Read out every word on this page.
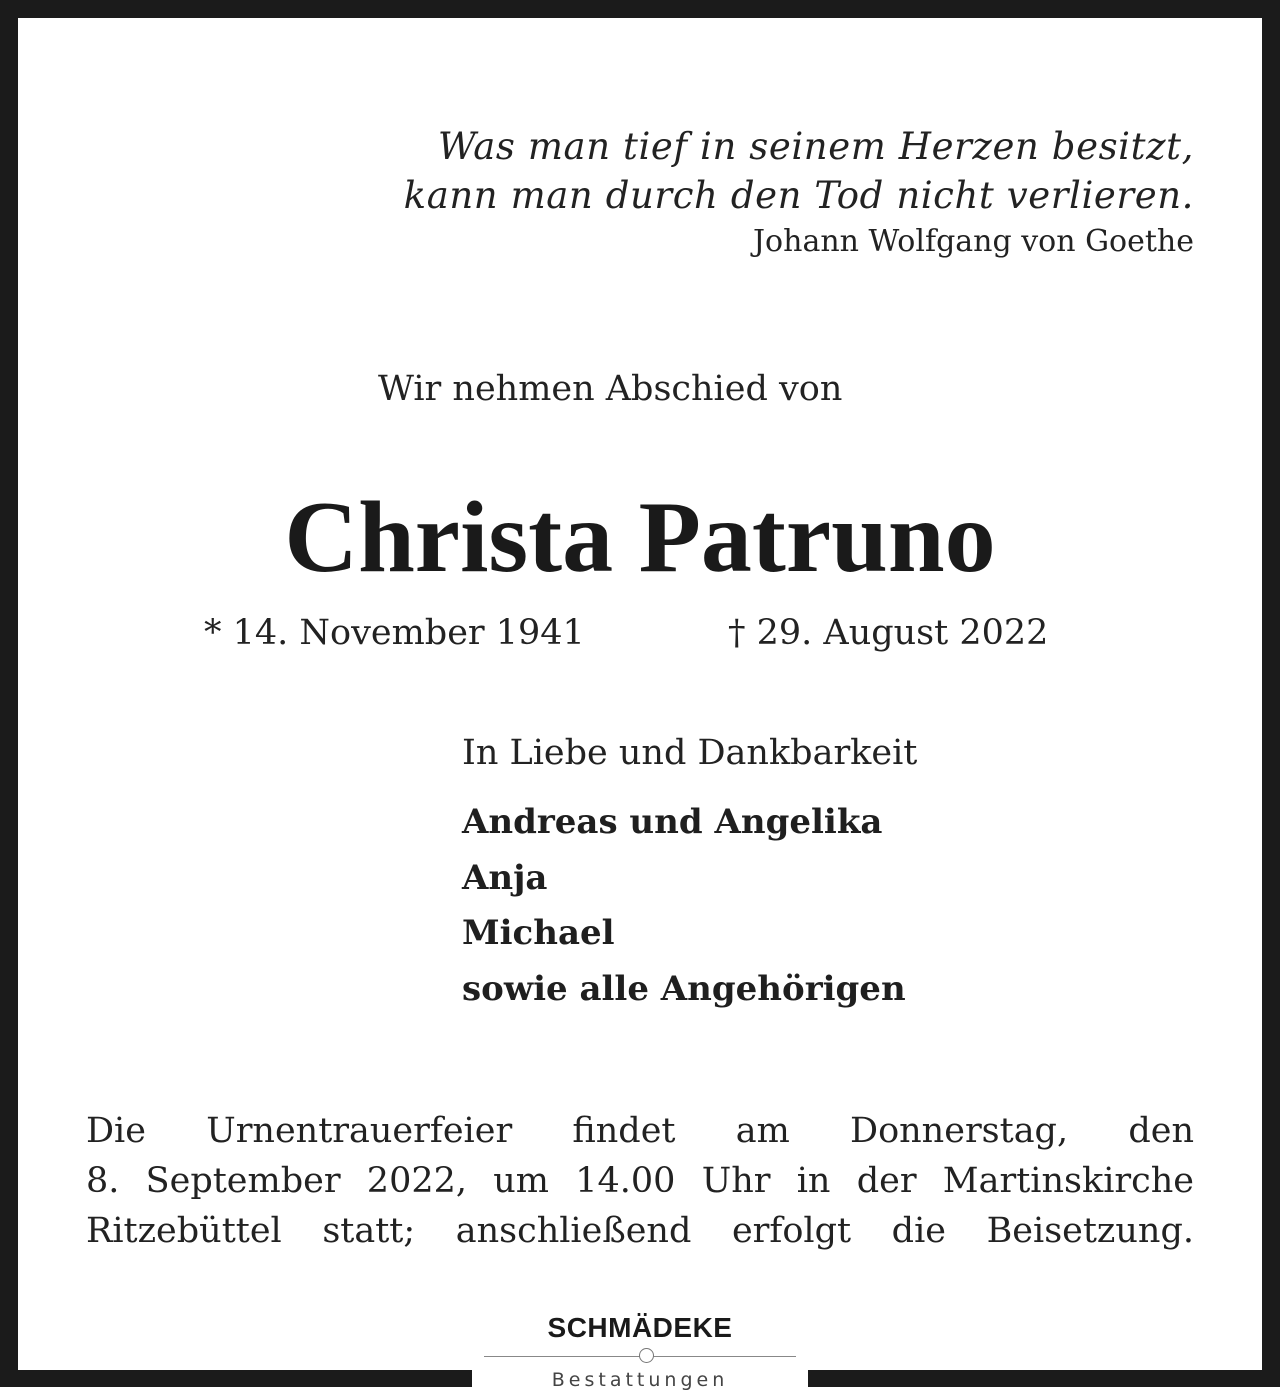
Was man tief in seinem Herzen besitzt,
kann man durch den Tod nicht verlieren.
Johann Wolfgang von Goethe
Wir nehmen Abschied von
Christa Patruno
* 14. November 1941	† 29. August 2022
In Liebe und Dankbarkeit
Andreas und Angelika
Anja
Michael
sowie alle Angehörigen

Die Urnentrauerfeier findet am Donnerstag, den
8. September 2022, um 14.00 Uhr in der Martinskirche
Ritzebüttel statt; anschließend erfolgt die Beisetzung.

SCHMÄDEKE
Bestattungen
